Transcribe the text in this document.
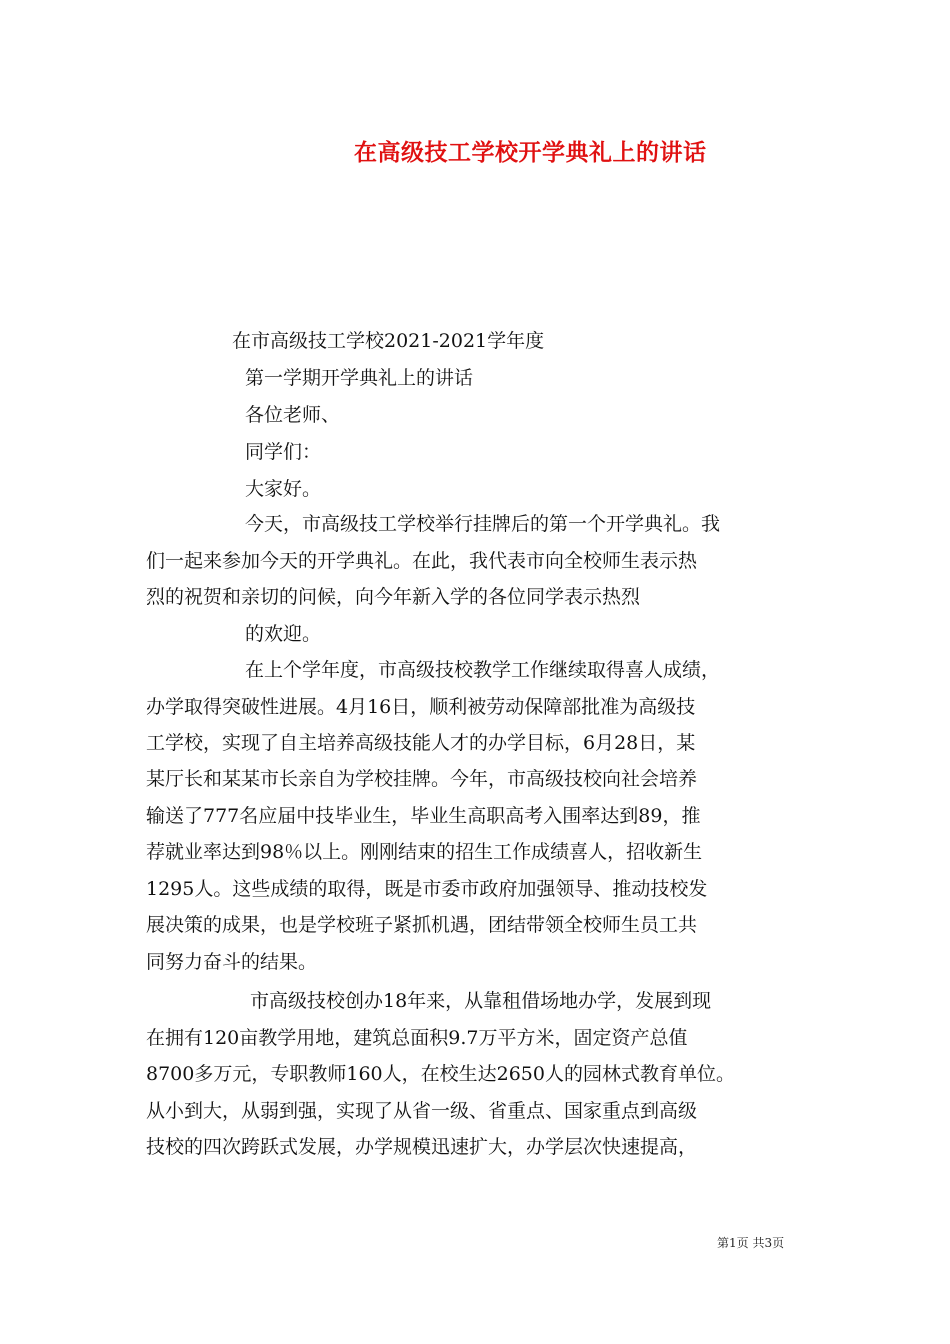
在高级技工学校开学典礼上的讲话
在市高级技工学校2021-2021学年度
第一学期开学典礼上的讲话
各位老师、
同学们：
大家好。
今天，市高级技工学校举行挂牌后的第一个开学典礼。我
们一起来参加今天的开学典礼。在此，我代表市向全校师生表示热
烈的祝贺和亲切的问候，向今年新入学的各位同学表示热烈
的欢迎。
在上个学年度，市高级技校教学工作继续取得喜人成绩，
办学取得突破性进展。4月16日，顺利被劳动保障部批准为高级技
工学校，实现了自主培养高级技能人才的办学目标，6月28日，某
某厅长和某某市长亲自为学校挂牌。今年，市高级技校向社会培养
输送了777名应届中技毕业生，毕业生高职高考入围率达到89，推
荐就业率达到98％以上。刚刚结束的招生工作成绩喜人，招收新生
1295人。这些成绩的取得，既是市委市政府加强领导、推动技校发
展决策的成果，也是学校班子紧抓机遇，团结带领全校师生员工共
同努力奋斗的结果。
市高级技校创办18年来，从靠租借场地办学，发展到现
在拥有120亩教学用地，建筑总面积9.7万平方米，固定资产总值
8700多万元，专职教师160人，在校生达2650人的园林式教育单位。
从小到大，从弱到强，实现了从省一级、省重点、国家重点到高级
技校的四次跨跃式发展，办学规模迅速扩大，办学层次快速提高，
第1页 共3页
